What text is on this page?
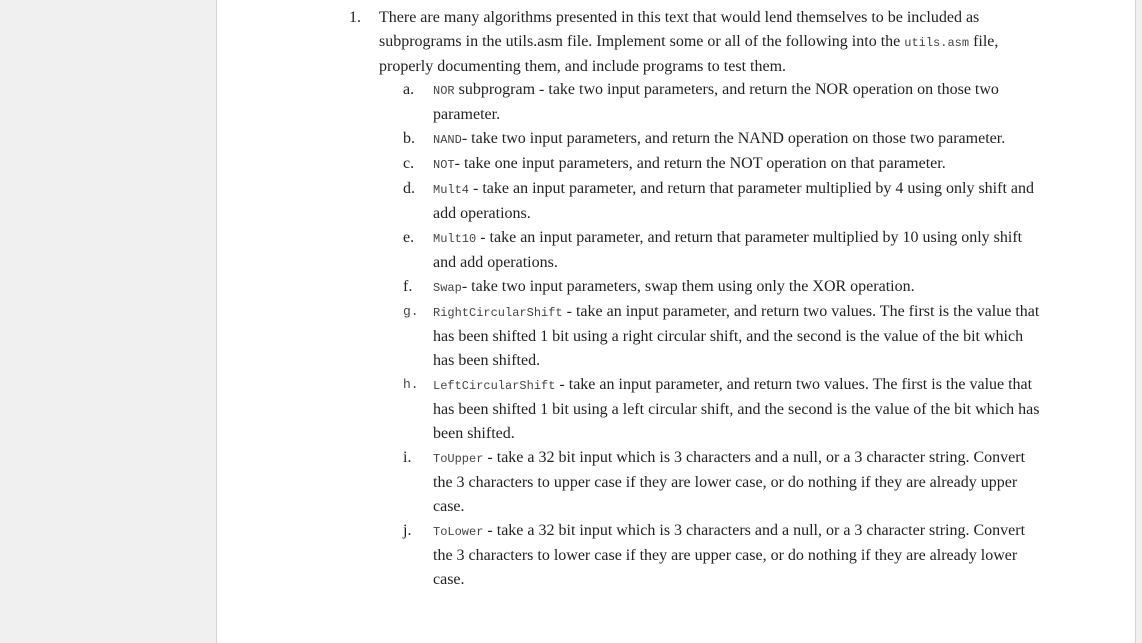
1. There are many algorithms presented in this text that would lend themselves to be included as subprograms in the utils.asm file. Implement some or all of the following into the utils.asm file, properly documenting them, and include programs to test them.
a.	NOR subprogram - take two input parameters, and return the NOR operation on those two parameter.
b.	NAND- take two input parameters, and return the NAND operation on those two parameter.
c.	NOT- take one input parameters, and return the NOT operation on that parameter.
d.	Mult4 - take an input parameter, and return that parameter multiplied by 4 using only shift and add operations.
e.	Mult10 - take an input parameter, and return that parameter multiplied by 10 using only shift and add operations.
f.	Swap- take two input parameters, swap them using only the XOR operation.
g.	RightCircularShift - take an input parameter, and return two values. The first is the value that has been shifted 1 bit using a right circular shift, and the second is the value of the bit which has been shifted.
h.	LeftCircularShift - take an input parameter, and return two values. The first is the value that has been shifted 1 bit using a left circular shift, and the second is the value of the bit which has been shifted.
i.	ToUpper - take a 32 bit input which is 3 characters and a null, or a 3 character string. Convert the 3 characters to upper case if they are lower case, or do nothing if they are already upper case.
j.	ToLower - take a 32 bit input which is 3 characters and a null, or a 3 character string. Convert the 3 characters to lower case if they are upper case, or do nothing if they are already lower case.
